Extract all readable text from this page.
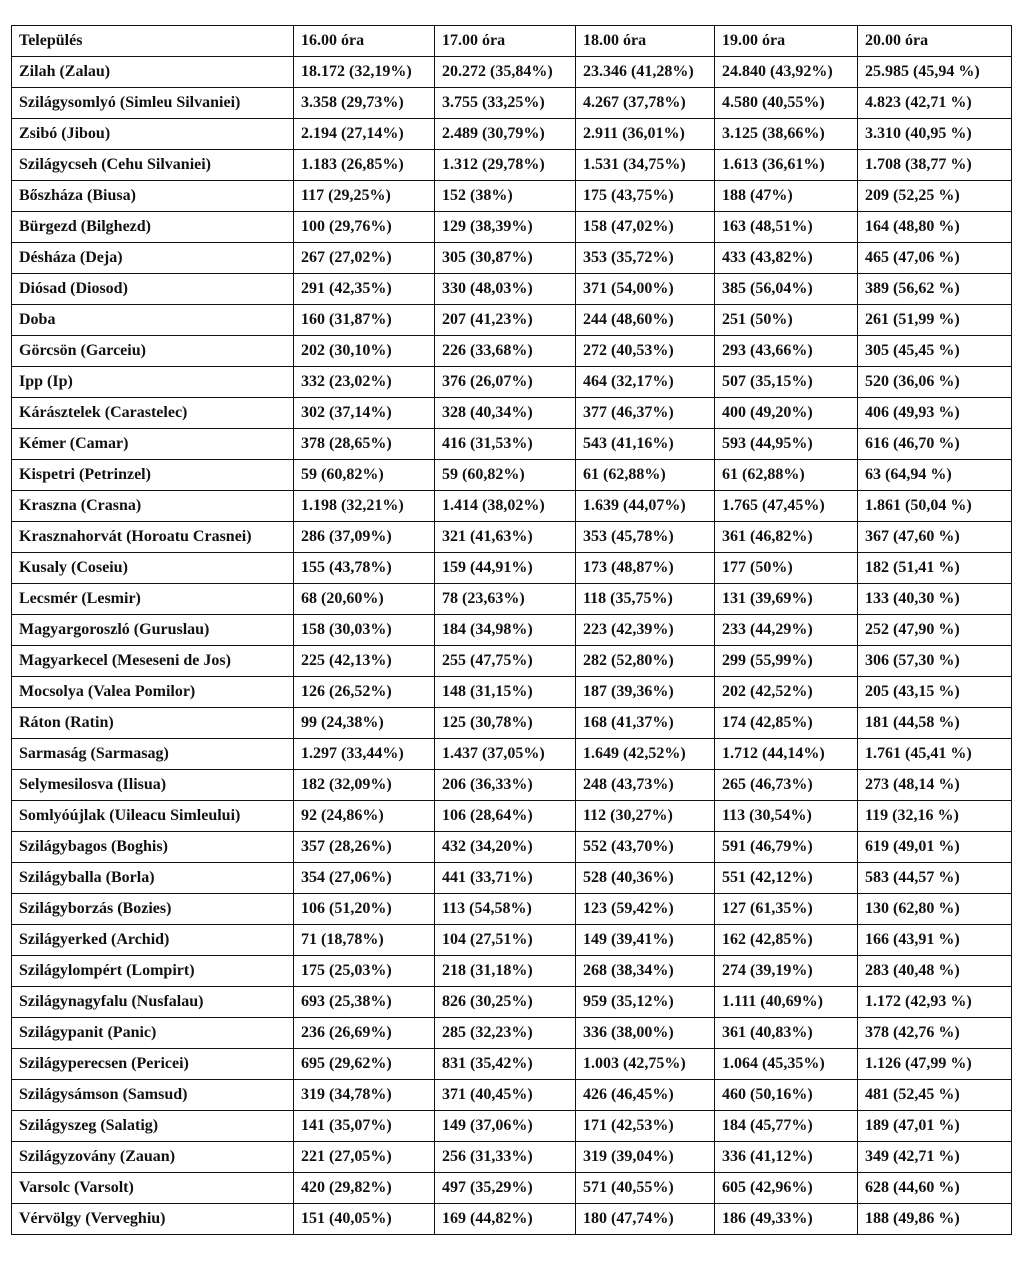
Település	16.00 óra	17.00 óra	18.00 óra	19.00 óra	20.00 óra
Zilah (Zalau)	18.172 (32,19%)	20.272 (35,84%)	23.346 (41,28%)	24.840 (43,92%)	25.985 (45,94 %)
Szilágysomlyó (Simleu Silvaniei)	3.358 (29,73%)	3.755 (33,25%)	4.267 (37,78%)	4.580 (40,55%)	4.823 (42,71 %)
Zsibó (Jibou)	2.194 (27,14%)	2.489 (30,79%)	2.911 (36,01%)	3.125 (38,66%)	3.310 (40,95 %)
Szilágycseh (Cehu Silvaniei)	1.183 (26,85%)	1.312 (29,78%)	1.531 (34,75%)	1.613 (36,61%)	1.708 (38,77 %)
Bőszháza (Biusa)	117 (29,25%)	152 (38%)	175 (43,75%)	188 (47%)	209 (52,25 %)
Bürgezd (Bilghezd)	100 (29,76%)	129 (38,39%)	158 (47,02%)	163 (48,51%)	164 (48,80 %)
Désháza (Deja)	267 (27,02%)	305 (30,87%)	353 (35,72%)	433 (43,82%)	465 (47,06 %)
Diósad (Diosod)	291 (42,35%)	330 (48,03%)	371 (54,00%)	385 (56,04%)	389 (56,62 %)
Doba	160 (31,87%)	207 (41,23%)	244 (48,60%)	251 (50%)	261 (51,99 %)
Görcsön (Garceiu)	202 (30,10%)	226 (33,68%)	272 (40,53%)	293 (43,66%)	305 (45,45 %)
Ipp (Ip)	332 (23,02%)	376 (26,07%)	464 (32,17%)	507 (35,15%)	520 (36,06 %)
Kárásztelek (Carastelec)	302 (37,14%)	328 (40,34%)	377 (46,37%)	400 (49,20%)	406 (49,93 %)
Kémer (Camar)	378 (28,65%)	416 (31,53%)	543 (41,16%)	593 (44,95%)	616 (46,70 %)
Kispetri (Petrinzel)	59 (60,82%)	59 (60,82%)	61 (62,88%)	61 (62,88%)	63 (64,94 %)
Kraszna (Crasna)	1.198 (32,21%)	1.414 (38,02%)	1.639 (44,07%)	1.765 (47,45%)	1.861 (50,04 %)
Krasznahorvát (Horoatu Crasnei)	286 (37,09%)	321 (41,63%)	353 (45,78%)	361 (46,82%)	367 (47,60 %)
Kusaly (Coseiu)	155 (43,78%)	159 (44,91%)	173 (48,87%)	177 (50%)	182 (51,41 %)
Lecsmér (Lesmir)	68 (20,60%)	78 (23,63%)	118 (35,75%)	131 (39,69%)	133 (40,30 %)
Magyargoroszló (Guruslau)	158 (30,03%)	184 (34,98%)	223 (42,39%)	233 (44,29%)	252 (47,90 %)
Magyarkecel (Meseseni de Jos)	225 (42,13%)	255 (47,75%)	282 (52,80%)	299 (55,99%)	306 (57,30 %)
Mocsolya (Valea Pomilor)	126 (26,52%)	148 (31,15%)	187 (39,36%)	202 (42,52%)	205 (43,15 %)
Ráton (Ratin)	99 (24,38%)	125 (30,78%)	168 (41,37%)	174 (42,85%)	181 (44,58 %)
Sarmaság (Sarmasag)	1.297 (33,44%)	1.437 (37,05%)	1.649 (42,52%)	1.712 (44,14%)	1.761 (45,41 %)
Selymesilosva (Ilisua)	182 (32,09%)	206 (36,33%)	248 (43,73%)	265 (46,73%)	273 (48,14 %)
Somlyóújlak (Uileacu Simleului)	92 (24,86%)	106 (28,64%)	112 (30,27%)	113 (30,54%)	119 (32,16 %)
Szilágybagos (Boghis)	357 (28,26%)	432 (34,20%)	552 (43,70%)	591 (46,79%)	619 (49,01 %)
Szilágyballa (Borla)	354 (27,06%)	441 (33,71%)	528 (40,36%)	551 (42,12%)	583 (44,57 %)
Szilágyborzás (Bozies)	106 (51,20%)	113 (54,58%)	123 (59,42%)	127 (61,35%)	130 (62,80 %)
Szilágyerked (Archid)	71 (18,78%)	104 (27,51%)	149 (39,41%)	162 (42,85%)	166 (43,91 %)
Szilágylompért (Lompirt)	175 (25,03%)	218 (31,18%)	268 (38,34%)	274 (39,19%)	283 (40,48 %)
Szilágynagyfalu (Nusfalau)	693 (25,38%)	826 (30,25%)	959 (35,12%)	1.111 (40,69%)	1.172 (42,93 %)
Szilágypanit (Panic)	236 (26,69%)	285 (32,23%)	336 (38,00%)	361 (40,83%)	378 (42,76 %)
Szilágyperecsen (Pericei)	695 (29,62%)	831 (35,42%)	1.003 (42,75%)	1.064 (45,35%)	1.126 (47,99 %)
Szilágysámson (Samsud)	319 (34,78%)	371 (40,45%)	426 (46,45%)	460 (50,16%)	481 (52,45 %)
Szilágyszeg (Salatig)	141 (35,07%)	149 (37,06%)	171 (42,53%)	184 (45,77%)	189 (47,01 %)
Szilágyzovány (Zauan)	221 (27,05%)	256 (31,33%)	319 (39,04%)	336 (41,12%)	349 (42,71 %)
Varsolc (Varsolt)	420 (29,82%)	497 (35,29%)	571 (40,55%)	605 (42,96%)	628 (44,60 %)
Vérvölgy (Verveghiu)	151 (40,05%)	169 (44,82%)	180 (47,74%)	186 (49,33%)	188 (49,86 %)
